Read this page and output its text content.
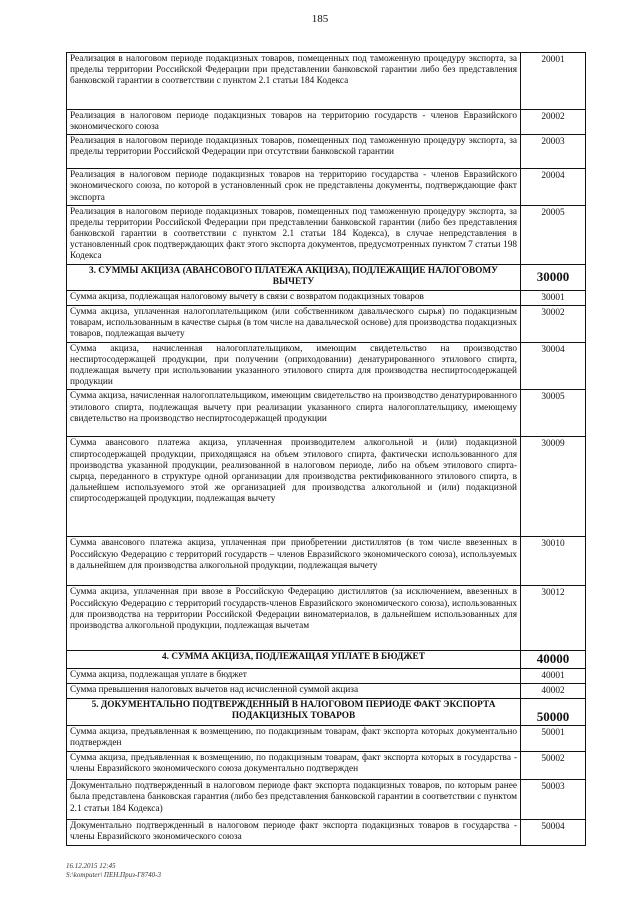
185
Реализация в налоговом периоде подакцизных товаров, помещенных под таможенную процедуру экспорта, за пределы территории Российской Федерации при представлении банковской гарантии либо без представления банковской гарантии в соответствии с пунктом 2.1 статьи 184 Кодекса	20001
Реализация в налоговом периоде подакцизных товаров на территорию государств - членов Евразийского экономического союза	20002
Реализация в налоговом периоде подакцизных товаров, помещенных под таможенную процедуру экспорта, за пределы территории Российской Федерации при отсутствии банковской гарантии	20003
Реализация в налоговом периоде подакцизных товаров на территорию государства - членов Евразийского экономического союза, по которой в установленный срок не представлены документы, подтверждающие факт экспорта	20004
Реализация в налоговом периоде подакцизных товаров, помещенных под таможенную процедуру экспорта, за пределы территории Российской Федерации при представлении банковской гарантии (либо без представления банковской гарантии в соответствии с пунктом 2.1 статьи 184 Кодекса), в случае непредставления в установленный срок подтверждающих факт этого экспорта документов, предусмотренных пунктом 7 статьи 198 Кодекса	20005
3. СУММЫ АКЦИЗА (АВАНСОВОГО ПЛАТЕЖА АКЦИЗА), ПОДЛЕЖАЩИЕ НАЛОГОВОМУ ВЫЧЕТУ	30000
Сумма акциза, подлежащая налоговому вычету в связи с возвратом подакцизных товаров	30001
Сумма акциза, уплаченная налогоплательщиком (или собственником давальческого сырья) по подакцизным товарам, использованным в качестве сырья (в том числе на давальческой основе) для производства подакцизных товаров, подлежащая вычету	30002
Сумма акциза, начисленная налогоплательщиком, имеющим свидетельство на производство неспиртосодержащей продукции, при получении (оприходовании) денатурированного этилового спирта, подлежащая вычету при использовании указанного этилового спирта для производства неспиртосодержащей продукции	30004
Сумма акциза, начисленная налогоплательщиком, имеющим свидетельство на производство денатурированного этилового спирта, подлежащая вычету при реализации указанного спирта налогоплательщику, имеющему свидетельство на производство неспиртосодержащей продукции	30005
Сумма авансового платежа акциза, уплаченная производителем алкогольной и (или) подакцизной спиртосодержащей продукции, приходящаяся на объем этилового спирта, фактически использованного для производства указанной продукции, реализованной в налоговом периоде, либо на объем этилового спирта-сырца, переданного в структуре одной организации для производства ректификованного этилового спирта, в дальнейшем используемого этой же организацией для производства алкогольной и (или) подакцизной спиртосодержащей продукции, подлежащая вычету	30009
Сумма авансового платежа акциза, уплаченная при приобретении дистиллятов (в том числе ввезенных в Российскую Федерацию с территорий государств – членов Евразийского экономического союза), используемых в дальнейшем для производства алкогольной продукции, подлежащая вычету	30010
Сумма акциза, уплаченная при ввозе в Российскую Федерацию дистиллятов (за исключением, ввезенных в Российскую Федерацию с территорий государств-членов Евразийского экономического союза), использованных для производства на территории Российской Федерации виноматериалов, в дальнейшем использованных для производства алкогольной продукции, подлежащая вычетам	30012
4. СУММА АКЦИЗА, ПОДЛЕЖАЩАЯ УПЛАТЕ В БЮДЖЕТ	40000
Сумма акциза, подлежащая уплате в бюджет	40001
Сумма превышения налоговых вычетов над исчисленной суммой акциза	40002
5. ДОКУМЕНТАЛЬНО ПОДТВЕРЖДЕННЫЙ В НАЛОГОВОМ ПЕРИОДЕ ФАКТ ЭКСПОРТА ПОДАКЦИЗНЫХ ТОВАРОВ	50000
Сумма акциза, предъявленная к возмещению, по подакцизным товарам, факт экспорта которых документально подтвержден	50001
Сумма акциза, предъявленная к возмещению, по подакцизным товарам, факт экспорта которых в государства - члены Евразийского экономического союза документально подтвержден	50002
Документально подтвержденный в налоговом периоде факт экспорта подакцизных товаров, по которым ранее была представлена банковская гарантия (либо без представления банковской гарантии в соответствии с пунктом 2.1 статьи 184 Кодекса)	50003
Документально подтвержденный в налоговом периоде факт экспорта подакцизных товаров в государства - члены Евразийского экономического союза	50004
16.12.2015 12:45
S:\komputer\ ПЕН.Приз-Г8740-3
